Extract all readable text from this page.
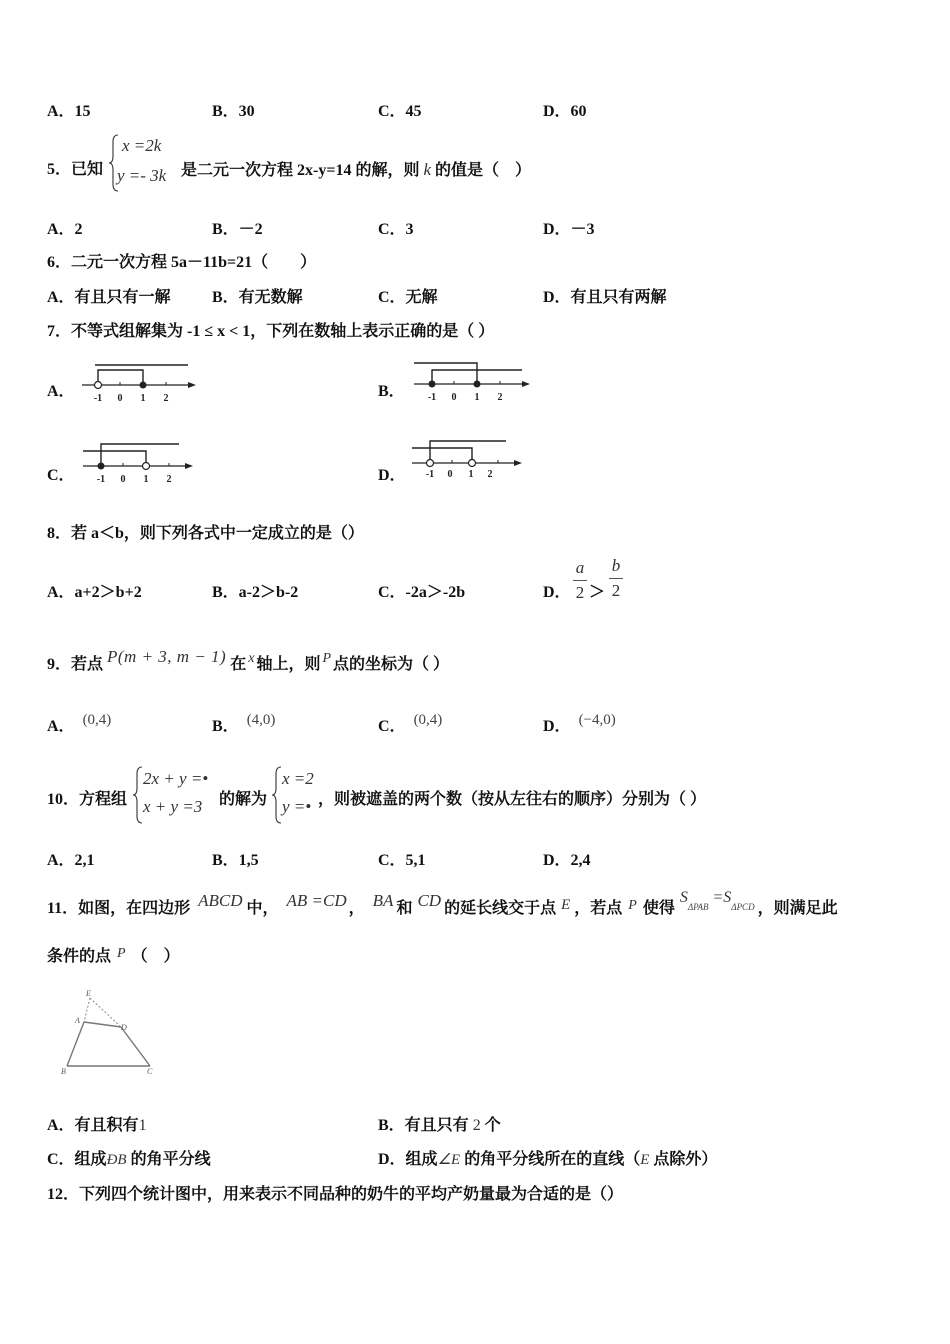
A．15	B．30	C．45	D．60
5．已知
x =2k
y =- 3k 是二元一次方程 2x-y=14 的解，则 k 的值是（　）
A．2	B．－2	C．3	D．－3
6．二元一次方程 5a－11b=21（　　）
A．有且只有一解	B．有无数解	C．无解	D．有且只有两解
7．不等式组解集为 -1 ≤ x < 1，下列在数轴上表示正确的是（ ）
A． -1 0 1 2	B． -1 0 1 2
C． -1 0 1 2	D． -1 0 1 2
8．若 a＜b，则下列各式中一定成立的是（）
A．a+2＞b+2	B．a-2＞b-2	C．-2a＞-2b	D．
a
2 ＞
b
2
9．若点 P(m + 3, m − 1) 在 x 轴上，则 P 点的坐标为（ ）
A． (0,4)	B． (4,0)	C． (0,4)	D． (−4,0)
10．方程组
2x + y =•
x + y =3 的解为
x =2
y =• ，则被遮盖的两个数（按从左往右的顺序）分别为（ ）
A．2,1	B．1,5	C．5,1	D．2,4
11．如图，在四边形 ABCD 中， AB =CD ， BA 和 CD 的延长线交于点 E ，若点 P 使得SΔPAB=SΔPCD ，则满足此
条件的点 P （　）
E
A
D
B	C
A．有且积有1	B．有且只有 2 个
C．组成ÐB 的角平分线	D．组成∠E 的角平分线所在的直线（E 点除外）
12．下列四个统计图中，用来表示不同品种的奶牛的平均产奶量最为合适的是（）
